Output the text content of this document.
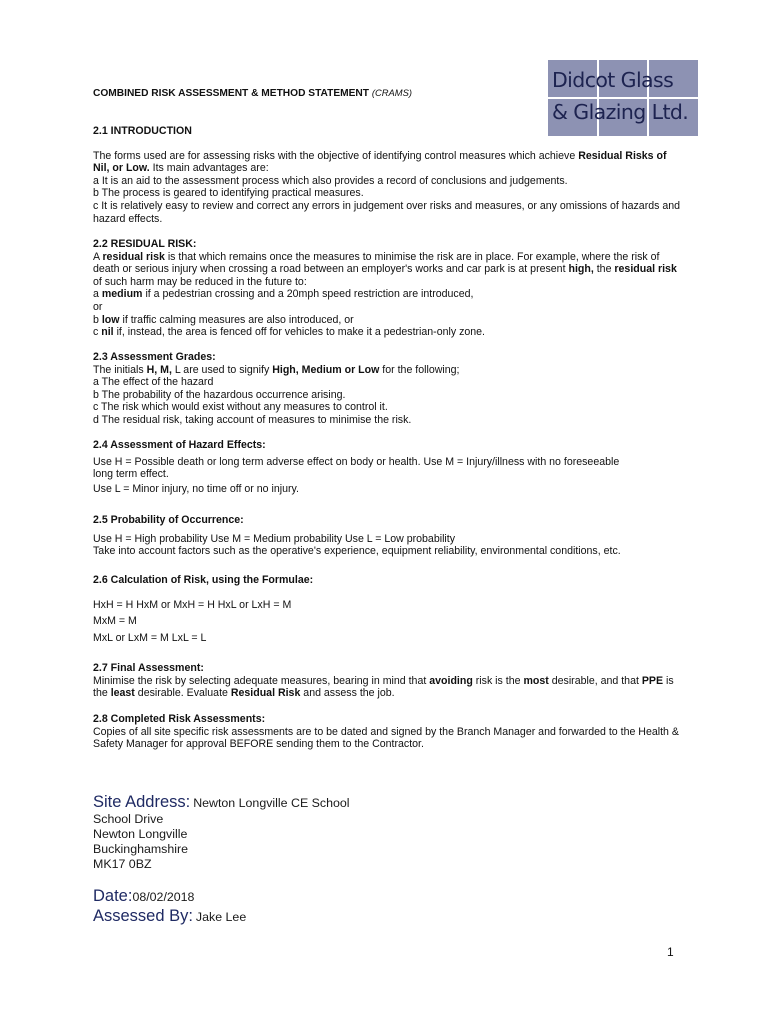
Didcot Glass
& Glazing Ltd.
COMBINED RISK ASSESSMENT & METHOD STATEMENT (CRAMS)
2.1 INTRODUCTION
The forms used are for assessing risks with the objective of identifying control measures which achieve Residual Risks of Nil, or Low. Its main advantages are:
a It is an aid to the assessment process which also provides a record of conclusions and judgements.
b The process is geared to identifying practical measures.
c It is relatively easy to review and correct any errors in judgement over risks and measures, or any omissions of hazards and hazard effects.
2.2 RESIDUAL RISK:
A residual risk is that which remains once the measures to minimise the risk are in place. For example, where the risk of death or serious injury when crossing a road between an employer's works and car park is at present high, the residual risk of such harm may be reduced in the future to:
a medium if a pedestrian crossing and a 20mph speed restriction are introduced,
or
b low if traffic calming measures are also introduced, or
c nil if, instead, the area is fenced off for vehicles to make it a pedestrian-only zone.
2.3 Assessment Grades:
The initials H, M, L are used to signify High, Medium or Low for the following;
a The effect of the hazard
b The probability of the hazardous occurrence arising.
c The risk which would exist without any measures to control it.
d The residual risk, taking account of measures to minimise the risk.
2.4 Assessment of Hazard Effects:
Use H = Possible death or long term adverse effect on body or health. Use M = Injury/illness with no foreseeable long term effect.
Use L = Minor injury, no time off or no injury.
2.5 Probability of Occurrence:
Use H = High probability Use M = Medium probability Use L = Low probability
Take into account factors such as the operative's experience, equipment reliability, environmental conditions, etc.
2.6 Calculation of Risk, using the Formulae:
HxH = H HxM or MxH = H HxL or LxH = M
MxM = M
MxL or LxM = M LxL = L
2.7 Final Assessment:
Minimise the risk by selecting adequate measures, bearing in mind that avoiding risk is the most desirable, and that PPE is the least desirable. Evaluate Residual Risk and assess the job.
2.8 Completed Risk Assessments:
Copies of all site specific risk assessments are to be dated and signed by the Branch Manager and forwarded to the Health & Safety Manager for approval BEFORE sending them to the Contractor.
Site Address: Newton Longville CE School
School Drive
Newton Longville
Buckinghamshire
MK17 0BZ
Date:08/02/2018
Assessed By: Jake Lee
1
